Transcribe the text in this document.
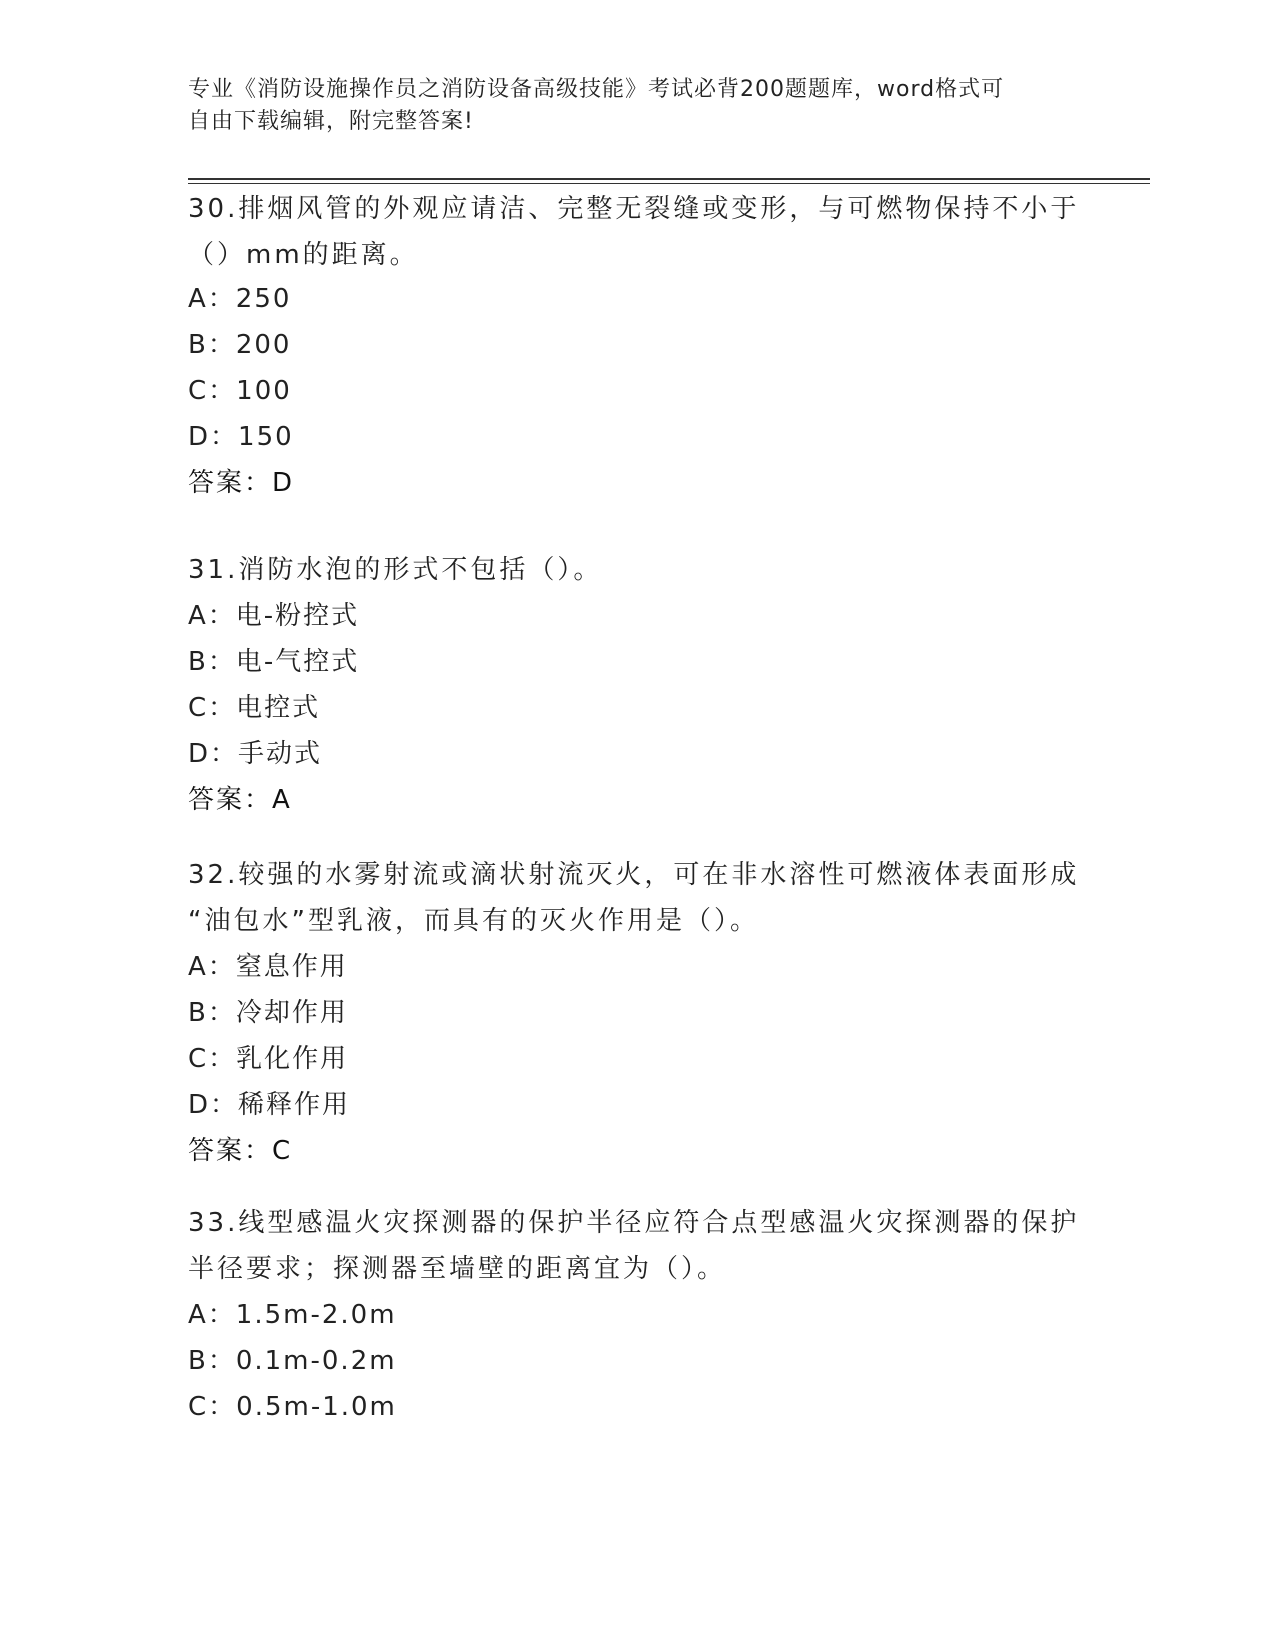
专业《消防设施操作员之消防设备高级技能》考试必背200题题库，word格式可
自由下载编辑，附完整答案!

30.排烟风管的外观应请洁、完整无裂缝或变形，与可燃物保持不小于

（）mm的距离。

A：250

B：200

C：100

D：150

答案：D

31.消防水泡的形式不包括（）。

A：电-粉控式

B：电-气控式

C：电控式

D：手动式

答案：A

32.较强的水雾射流或滴状射流灭火，可在非水溶性可燃液体表面形成

“油包水”型乳液，而具有的灭火作用是（）。

A：窒息作用

B：冷却作用

C：乳化作用

D：稀释作用

答案：C

33.线型感温火灾探测器的保护半径应符合点型感温火灾探测器的保护

半径要求；探测器至墙壁的距离宜为（）。

A：1.5m-2.0m

B：0.1m-0.2m

C：0.5m-1.0m
